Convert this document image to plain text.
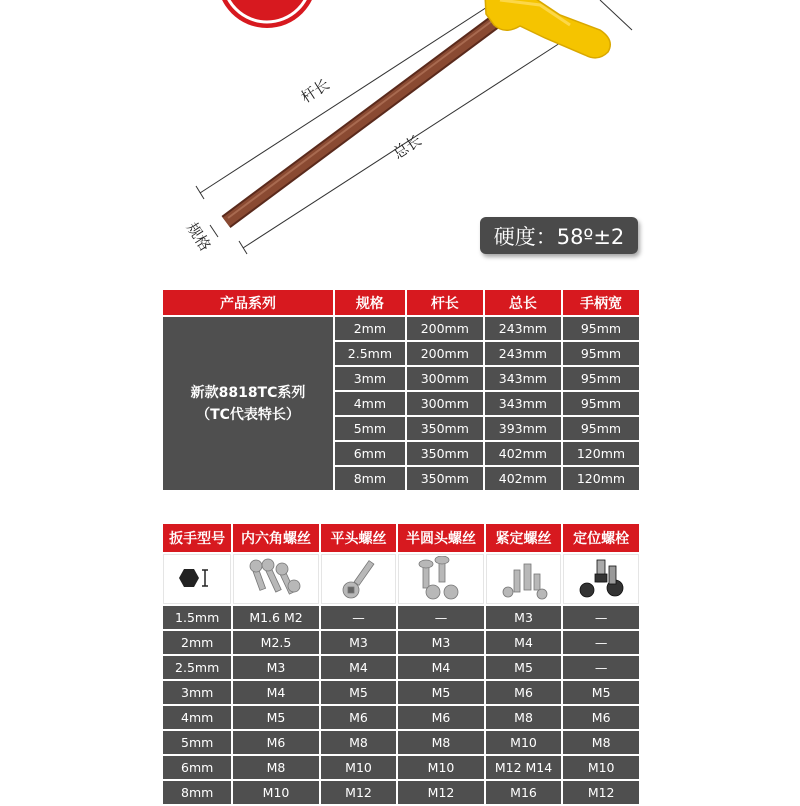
杆长
总长
规格	硬度：58º±2
产品系列	规格	杆长	总长	手柄宽

新款8818TC系列
（TC代表特长）	2mm	200mm	243mm	95mm
	2.5mm	200mm	243mm	95mm
	3mm	300mm	343mm	95mm
	4mm	300mm	343mm	95mm
	5mm	350mm	393mm	95mm
	6mm	350mm	402mm	120mm
	8mm	350mm	402mm	120mm
扳手型号	内六角螺丝	平头螺丝	半圆头螺丝	紧定螺丝	定位螺栓

1.5mm	M1.6 M2	—	—	M3	—
2mm	M2.5	M3	M3	M4	—
2.5mm	M3	M4	M4	M5	—
3mm	M4	M5	M5	M6	M5
4mm	M5	M6	M6	M8	M6
5mm	M6	M8	M8	M10	M8
6mm	M8	M10	M10	M12 M14	M10
8mm	M10	M12	M12	M16	M12
